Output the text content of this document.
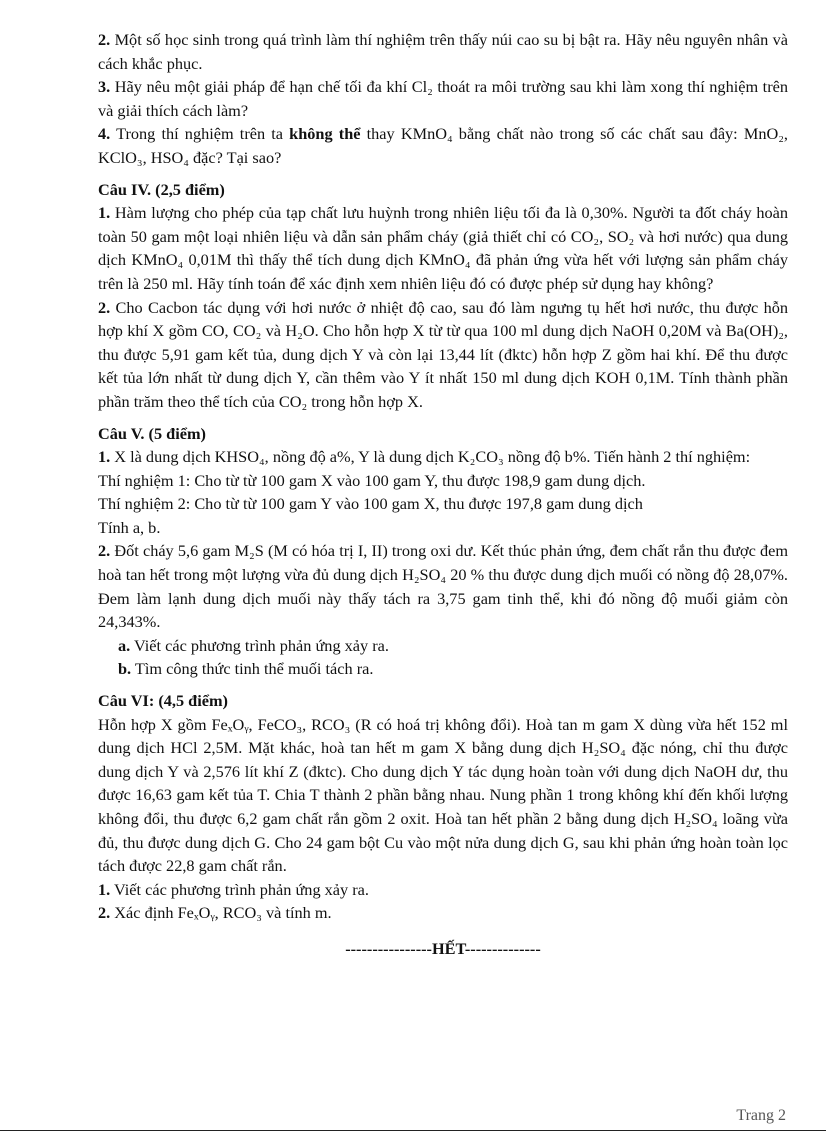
2. Một số học sinh trong quá trình làm thí nghiệm trên thấy núi cao su bị bật ra. Hãy nêu nguyên nhân và cách khắc phục.

3. Hãy nêu một giải pháp để hạn chế tối đa khí Cl₂ thoát ra môi trường sau khi làm xong thí nghiệm trên và giải thích cách làm?

4. Trong thí nghiệm trên ta không thể thay KMnO₄ bằng chất nào trong số các chất sau đây: MnO₂, KClO₃, HSO₄ đặc? Tại sao?

Câu IV. (2,5 điểm)

1. Hàm lượng cho phép của tạp chất lưu huỳnh trong nhiên liệu tối đa là 0,30%. Người ta đốt cháy hoàn toàn 50 gam một loại nhiên liệu và dẫn sản phẩm cháy (giả thiết chỉ có CO₂, SO₂ và hơi nước) qua dung dịch KMnO₄ 0,01M thì thấy thể tích dung dịch KMnO₄ đã phản ứng vừa hết với lượng sản phẩm cháy trên là 250 ml. Hãy tính toán để xác định xem nhiên liệu đó có được phép sử dụng hay không?

2. Cho Cacbon tác dụng với hơi nước ở nhiệt độ cao, sau đó làm ngưng tụ hết hơi nước, thu được hỗn hợp khí X gồm CO, CO₂ và H₂O. Cho hỗn hợp X từ từ qua 100 ml dung dịch NaOH 0,20M và Ba(OH)₂, thu được 5,91 gam kết tủa, dung dịch Y và còn lại 13,44 lít (đktc) hỗn hợp Z gồm hai khí. Để thu được kết tủa lớn nhất từ dung dịch Y, cần thêm vào Y ít nhất 150 ml dung dịch KOH 0,1M. Tính thành phần phần trăm theo thể tích của CO₂ trong hỗn hợp X.

Câu V. (5 điểm)

1. X là dung dịch KHSO₄, nồng độ a%, Y là dung dịch K₂CO₃ nồng độ b%. Tiến hành 2 thí nghiệm:

Thí nghiệm 1: Cho từ từ 100 gam X vào 100 gam Y, thu được 198,9 gam dung dịch.

Thí nghiệm 2: Cho từ từ 100 gam Y vào 100 gam X, thu được 197,8 gam dung dịch

Tính a, b.

2. Đốt cháy 5,6 gam M₂S (M có hóa trị I, II) trong oxi dư. Kết thúc phản ứng, đem chất rắn thu được đem hoà tan hết trong một lượng vừa đủ dung dịch H₂SO₄ 20 % thu được dung dịch muối có nồng độ 28,07%. Đem làm lạnh dung dịch muối này thấy tách ra 3,75 gam tinh thể, khi đó nồng độ muối giảm còn 24,343%.

a. Viết các phương trình phản ứng xảy ra.

b. Tìm công thức tinh thể muối tách ra.

Câu VI: (4,5 điểm)

Hỗn hợp X gồm FeₓOᵧ, FeCO₃, RCO₃ (R có hoá trị không đổi). Hoà tan m gam X dùng vừa hết 152 ml dung dịch HCl 2,5M. Mặt khác, hoà tan hết m gam X bằng dung dịch H₂SO₄ đặc nóng, chỉ thu được dung dịch Y và 2,576 lít khí Z (đktc). Cho dung dịch Y tác dụng hoàn toàn với dung dịch NaOH dư, thu được 16,63 gam kết tủa T. Chia T thành 2 phần bằng nhau. Nung phần 1 trong không khí đến khối lượng không đổi, thu được 6,2 gam chất rắn gồm 2 oxit. Hoà tan hết phần 2 bằng dung dịch H₂SO₄ loãng vừa đủ, thu được dung dịch G. Cho 24 gam bột Cu vào một nửa dung dịch G, sau khi phản ứng hoàn toàn lọc tách được 22,8 gam chất rắn.

1. Viết các phương trình phản ứng xảy ra.

2. Xác định FeₓOᵧ, RCO₃ và tính m.

----------------HẾT--------------

Trang 2
